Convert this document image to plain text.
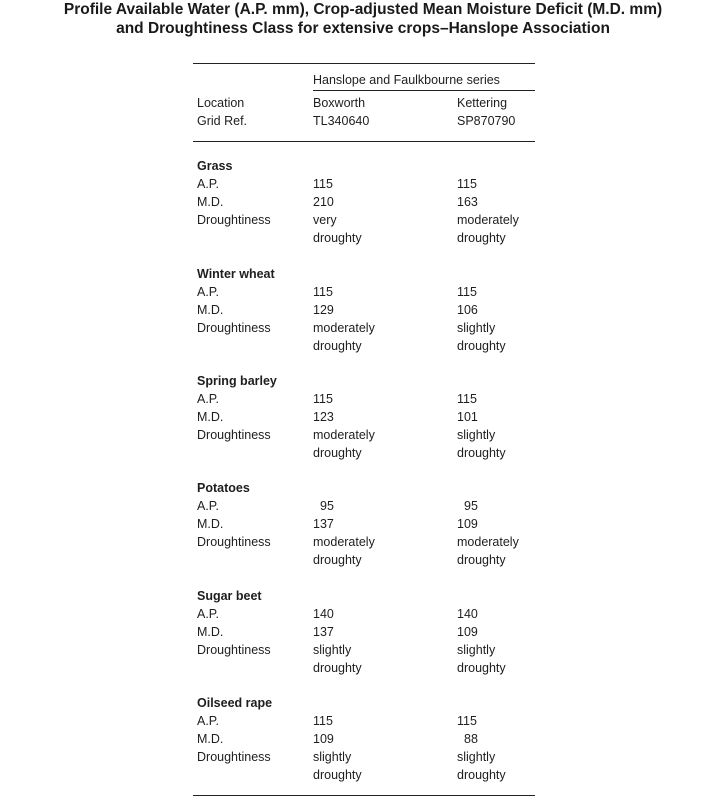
Profile Available Water (A.P. mm), Crop-adjusted Mean Moisture Deficit (M.D. mm)
and Droughtiness Class for extensive crops–Hanslope Association
Hanslope and Faulkbourne series
Location
Grid Ref.
Boxworth
TL340640
Kettering
SP870790
Grass
A.P.
M.D.
Droughtiness
115
210
very
droughty
115
163
moderately
droughty
Winter wheat
A.P.
M.D.
Droughtiness
115
129
moderately
droughty
115
106
slightly
droughty
Spring barley
A.P.
M.D.
Droughtiness
115
123
moderately
droughty
115
101
slightly
droughty
Potatoes
A.P.
M.D.
Droughtiness
95
137
moderately
droughty
95
109
moderately
droughty
Sugar beet
A.P.
M.D.
Droughtiness
140
137
slightly
droughty
140
109
slightly
droughty
Oilseed rape
A.P.
M.D.
Droughtiness
115
109
slightly
droughty
115
88
slightly
droughty
